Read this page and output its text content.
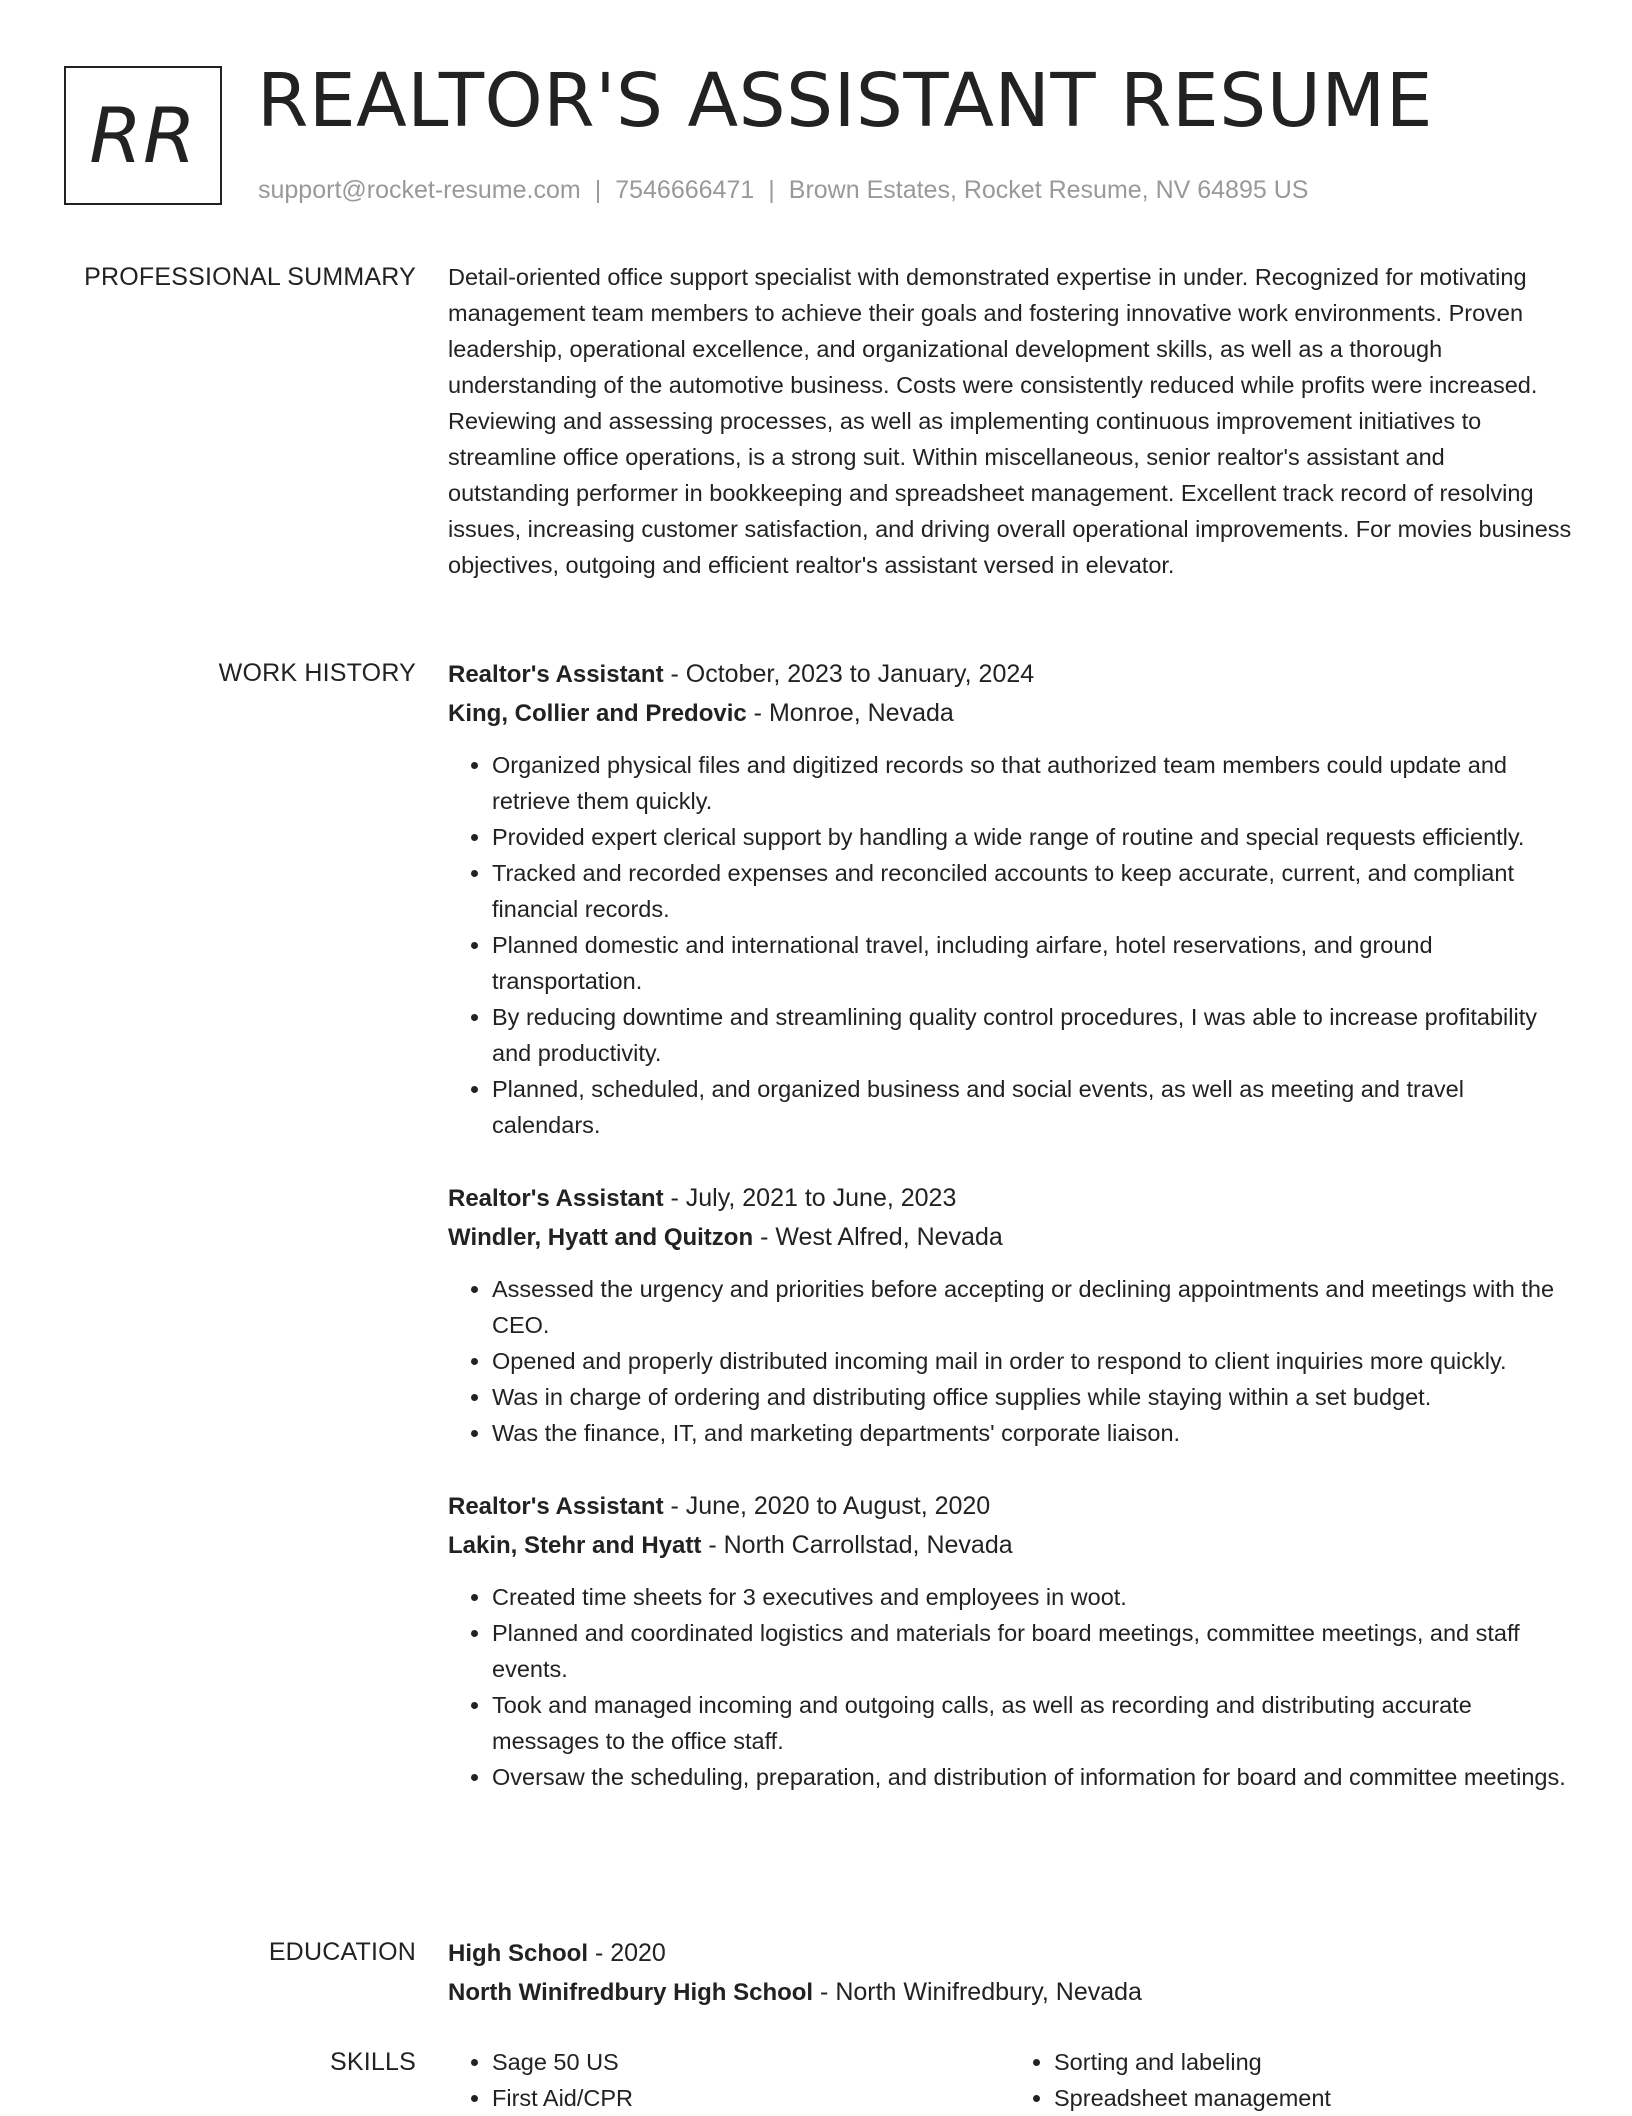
RR REALTOR'S ASSISTANT RESUME
support@rocket-resume.com | 7546666471 | Brown Estates, Rocket Resume, NV 64895 US
PROFESSIONAL SUMMARY Detail-oriented office support specialist with demonstrated expertise in under. Recognized for motivating management team members to achieve their goals and fostering innovative work environments. Proven leadership, operational excellence, and organizational development skills, as well as a thorough understanding of the automotive business. Costs were consistently reduced while profits were increased. Reviewing and assessing processes, as well as implementing continuous improvement initiatives to streamline office operations, is a strong suit. Within miscellaneous, senior realtor's assistant and outstanding performer in bookkeeping and spreadsheet management. Excellent track record of resolving issues, increasing customer satisfaction, and driving overall operational improvements. For movies business objectives, outgoing and efficient realtor's assistant versed in elevator.

WORK HISTORY Realtor's Assistant - October, 2023 to January, 2024
King, Collier and Predovic - Monroe, Nevada
• Organized physical files and digitized records so that authorized team members could update and retrieve them quickly.
• Provided expert clerical support by handling a wide range of routine and special requests efficiently.
• Tracked and recorded expenses and reconciled accounts to keep accurate, current, and compliant financial records.
• Planned domestic and international travel, including airfare, hotel reservations, and ground transportation.
• By reducing downtime and streamlining quality control procedures, I was able to increase profitability and productivity.
• Planned, scheduled, and organized business and social events, as well as meeting and travel calendars.
Realtor's Assistant - July, 2021 to June, 2023
Windler, Hyatt and Quitzon - West Alfred, Nevada
• Assessed the urgency and priorities before accepting or declining appointments and meetings with the CEO.
• Opened and properly distributed incoming mail in order to respond to client inquiries more quickly.
• Was in charge of ordering and distributing office supplies while staying within a set budget.
• Was the finance, IT, and marketing departments' corporate liaison.
Realtor's Assistant - June, 2020 to August, 2020
Lakin, Stehr and Hyatt - North Carrollstad, Nevada
• Created time sheets for 3 executives and employees in woot.
• Planned and coordinated logistics and materials for board meetings, committee meetings, and staff events.
• Took and managed incoming and outgoing calls, as well as recording and distributing accurate messages to the office staff.
• Oversaw the scheduling, preparation, and distribution of information for board and committee meetings.
EDUCATION High School - 2020
North Winifredbury High School - North Winifredbury, Nevada
SKILLS
•	Sage 50 US
• First Aid/CPR
• Sorting and labeling
• Spreadsheet management
